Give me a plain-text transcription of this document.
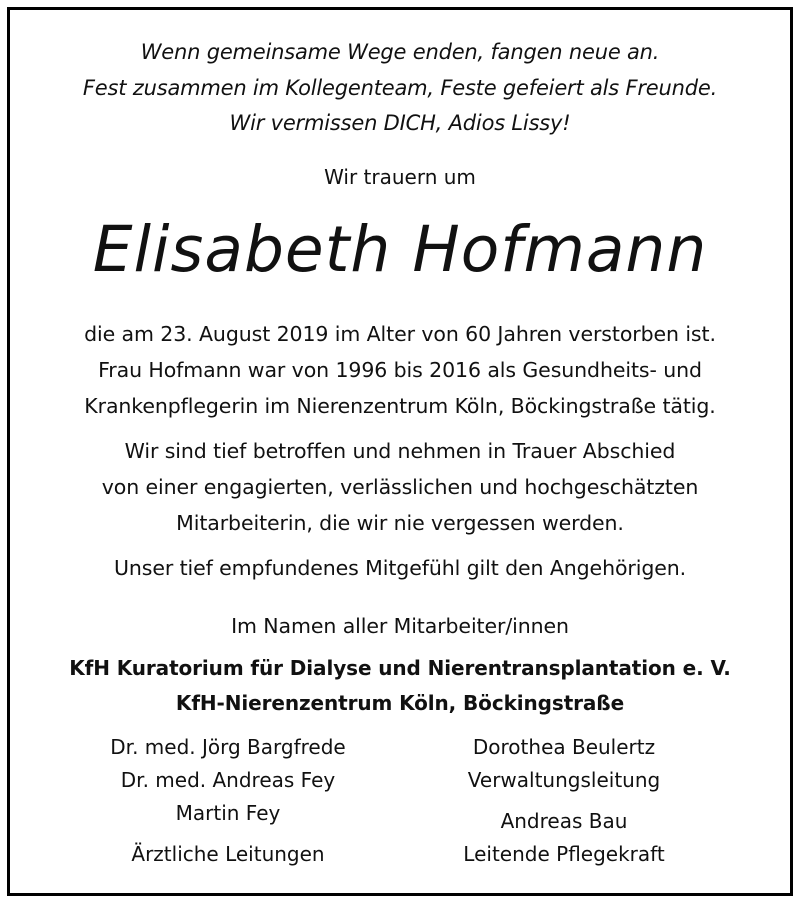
Wenn gemeinsame Wege enden, fangen neue an.
Fest zusammen im Kollegenteam, Feste gefeiert als Freunde.
Wir vermissen DICH, Adios Lissy!
Wir trauern um
Elisabeth Hofmann
die am 23. August 2019 im Alter von 60 Jahren verstorben ist.
Frau Hofmann war von 1996 bis 2016 als Gesundheits- und
Krankenpflegerin im Nierenzentrum Köln, Böckingstraße tätig.
Wir sind tief betroffen und nehmen in Trauer Abschied
von einer engagierten, verlässlichen und hochgeschätzten
Mitarbeiterin, die wir nie vergessen werden.
Unser tief empfundenes Mitgefühl gilt den Angehörigen.
Im Namen aller Mitarbeiter/innen
KfH Kuratorium für Dialyse und Nierentransplantation e. V.
KfH-Nierenzentrum Köln, Böckingstraße
Dr. med. Jörg Bargfrede
Dr. med. Andreas Fey
Martin Fey
Ärztliche Leitungen
Dorothea Beulertz
Verwaltungsleitung
Andreas Bau
Leitende Pflegekraft
